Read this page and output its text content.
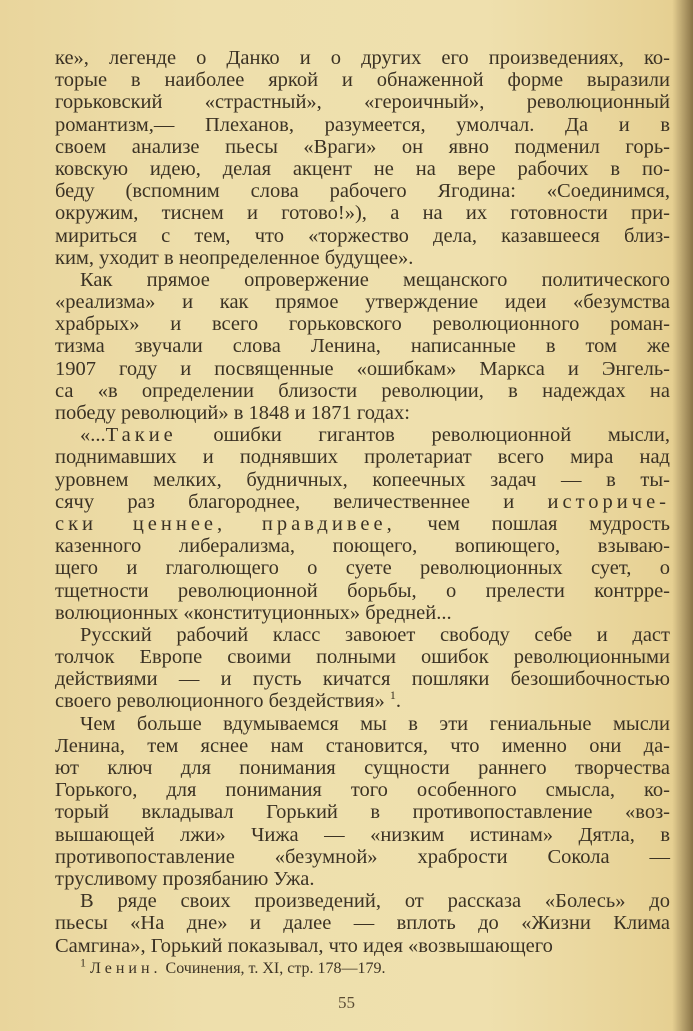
ке», легенде о Данко и о других его произведениях, ко-
торые в наиболее яркой и обнаженной форме выразили
горьковский «страстный», «героичный», революционный
романтизм,— Плеханов, разумеется, умолчал. Да и в
своем анализе пьесы «Враги» он явно подменил горь-
ковскую идею, делая акцент не на вере рабочих в по-
беду (вспомним слова рабочего Ягодина: «Соединимся,
окружим, тиснем и готово!»), а на их готовности при-
мириться с тем, что «торжество дела, казавшееся близ-
ким, уходит в неопределенное будущее».
Как прямое опровержение мещанского политического
«реализма» и как прямое утверждение идеи «безумства
храбрых» и всего горьковского революционного роман-
тизма звучали слова Ленина, написанные в том же
1907 году и посвященные «ошибкам» Маркса и Энгель-
са «в определении близости революции, в надеждах на
победу революций» в 1848 и 1871 годах:
«...Такие ошибки гигантов революционной мысли,
поднимавших и поднявших пролетариат всего мира над
уровнем мелких, будничных, копеечных задач — в ты-
сячу раз благороднее, величественнее и историче-
ски ценнее, правдивее, чем пошлая мудрость
казенного либерализма, поющего, вопиющего, взываю-
щего и глаголющего о суете революционных сует, о
тщетности революционной борьбы, о прелести контрре-
волюционных «конституционных» бредней...
Русский рабочий класс завоюет свободу себе и даст
толчок Европе своими полными ошибок революционными
действиями — и пусть кичатся пошляки безошибочностью
своего революционного бездействия» $^1$.
Чем больше вдумываемся мы в эти гениальные мысли
Ленина, тем яснее нам становится, что именно они да-
ют ключ для понимания сущности раннего творчества
Горького, для понимания того особенного смысла, ко-
торый вкладывал Горький в противопоставление «воз-
вышающей лжи» Чижа — «низким истинам» Дятла, в
противопоставление «безумной» храбрости Сокола —
трусливому прозябанию Ужа.
В ряде своих произведений, от рассказа «Болесь» до
пьесы «На дне» и далее — вплоть до «Жизни Клима
Самгина», Горький показывал, что идея «возвышающего
$^1$ Ленин. Сочинения, т. XI, стр. 178—179.
55
